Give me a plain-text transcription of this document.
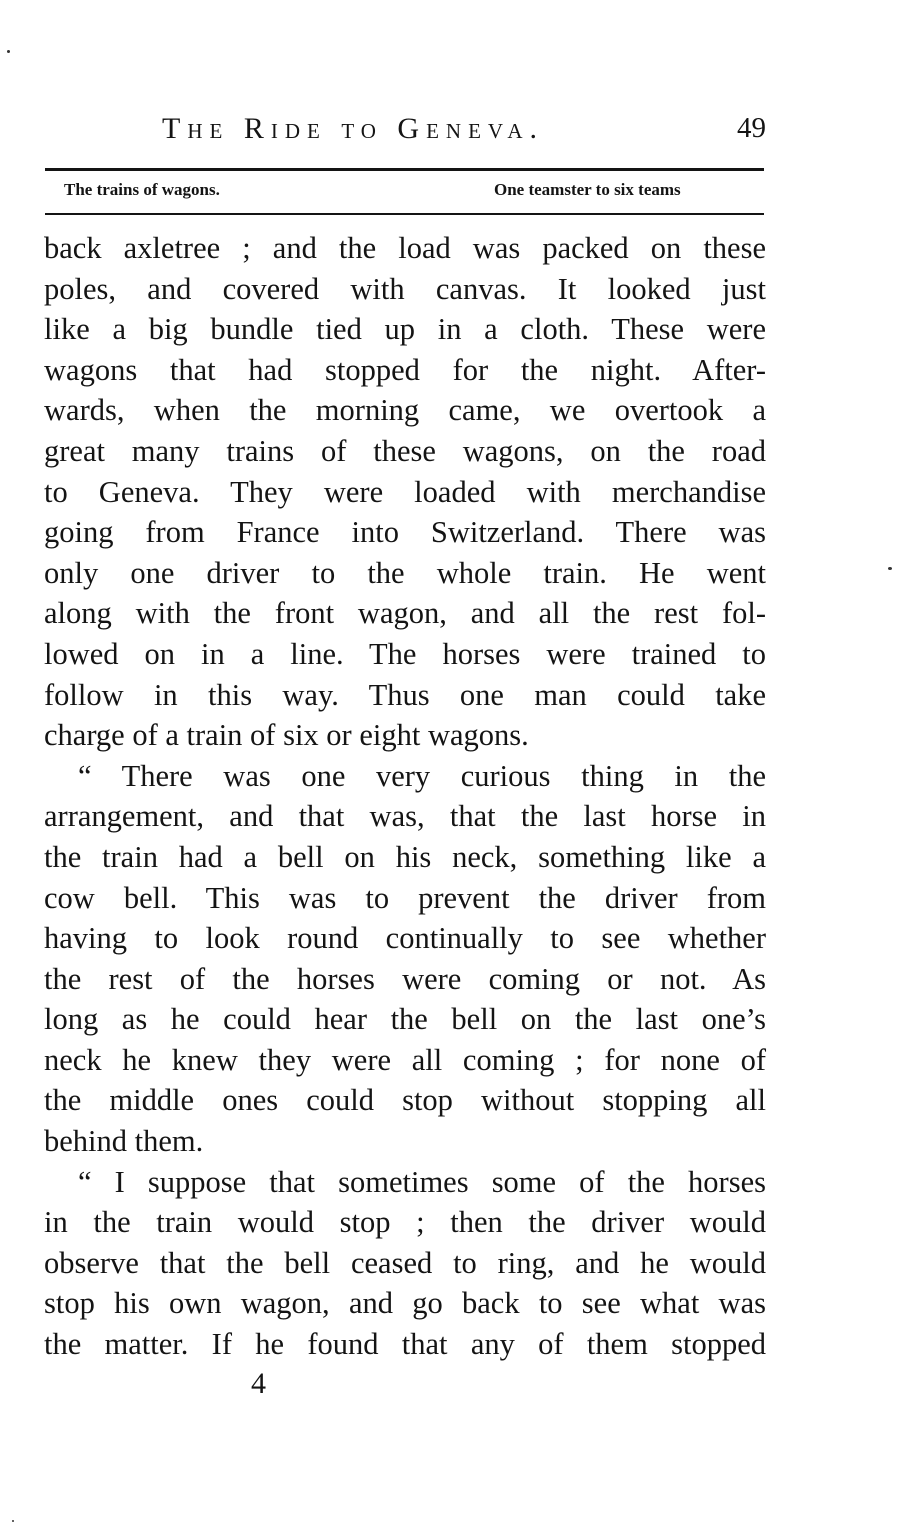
The Ride to Geneva.	49
The trains of wagons.	One teamster to six teams
back axletree ; and the load was packed on these
poles, and covered with canvas. It looked just
like a big bundle tied up in a cloth. These were
wagons that had stopped for the night. After-
wards, when the morning came, we overtook a
great many trains of these wagons, on the road
to Geneva. They were loaded with merchandise
going from France into Switzerland. There was
only one driver to the whole train. He went
along with the front wagon, and all the rest fol-
lowed on in a line. The horses were trained to
follow in this way. Thus one man could take
charge of a train of six or eight wagons.
“ There was one very curious thing in the
arrangement, and that was, that the last horse in
the train had a bell on his neck, something like a
cow bell. This was to prevent the driver from
having to look round continually to see whether
the rest of the horses were coming or not. As
long as he could hear the bell on the last one’s
neck he knew they were all coming ; for none of
the middle ones could stop without stopping all
behind them.
“ I suppose that sometimes some of the horses
in the train would stop ; then the driver would
observe that the bell ceased to ring, and he would
stop his own wagon, and go back to see what was
the matter. If he found that any of them stopped
4
